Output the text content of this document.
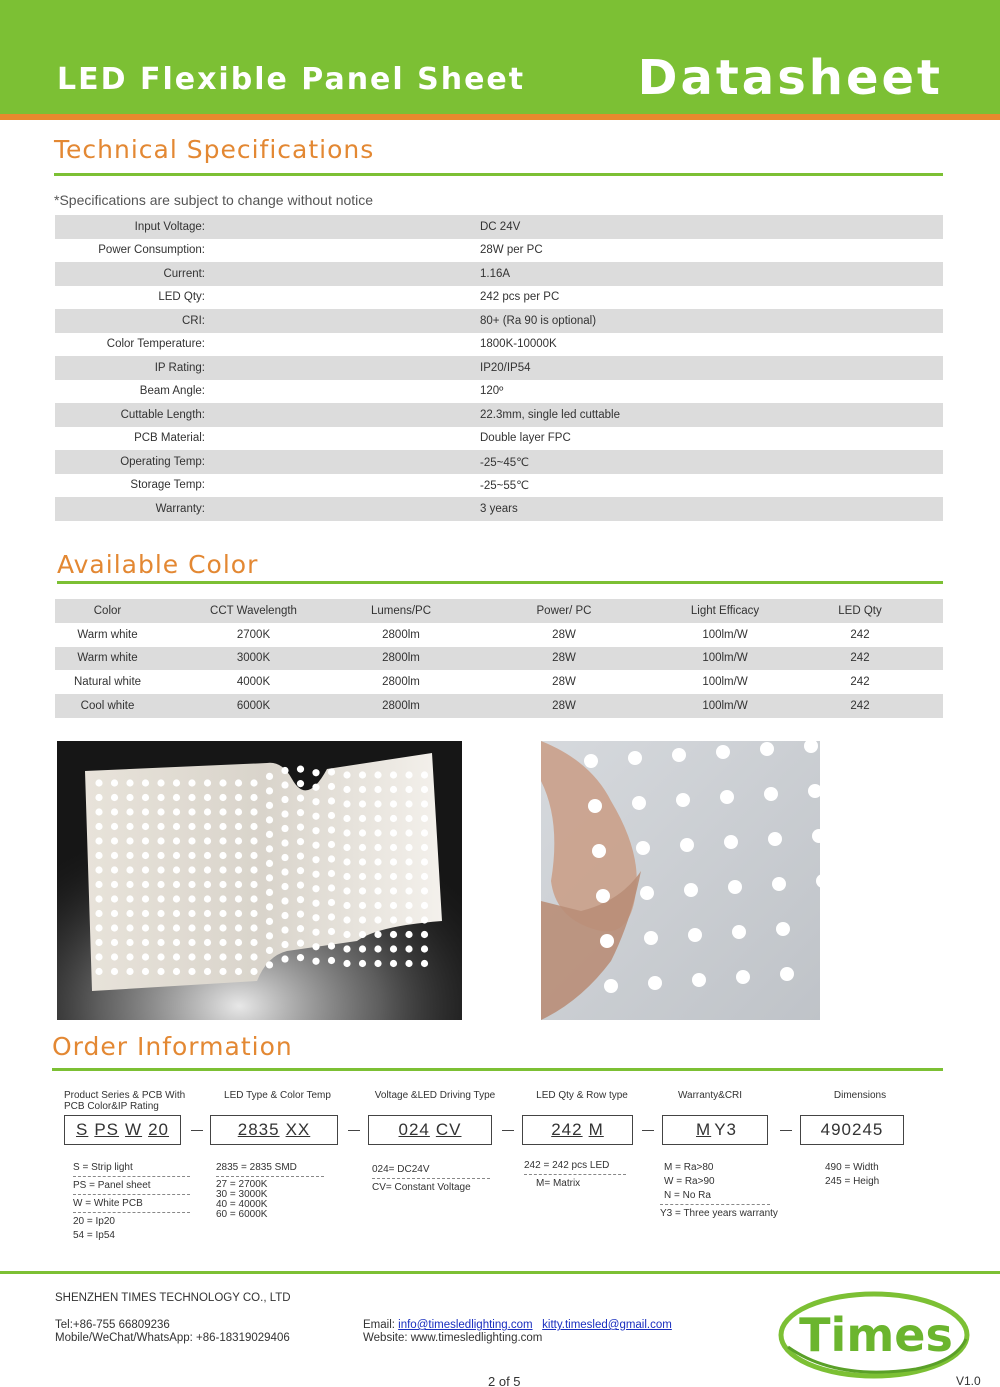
LED Flexible Panel Sheet Datasheet
Technical Specifications
*Specifications are subject to change without notice
Input Voltage:	DC 24V
Power Consumption:	28W per PC
Current:	1.16A
LED Qty:	242 pcs per PC
CRI:	80+ (Ra 90 is optional)
Color Temperature:	1800K-10000K
IP Rating:	IP20/IP54
Beam Angle:	120º
Cuttable Length:	22.3mm, single led cuttable
PCB Material:	Double layer FPC
Operating Temp:	-25~45℃
Storage Temp:	-25~55℃
Warranty:	3 years
Available Color
Color	CCT Wavelength	Lumens/PC	Power/ PC	Light Efficacy	LED Qty
Warm white	2700K	2800lm	28W	100lm/W	242
Warm white	3000K	2800lm	28W	100lm/W	242
Natural white	4000K	2800lm	28W	100lm/W	242
Cool white	6000K	2800lm	28W	100lm/W	242
Order Information
Product Series & PCB With PCB Color&IP Rating
LED Type & Color Temp	Voltage &LED Driving Type	LED Qty & Row type	Warranty&CRI	Dimensions
S PS W 20	2835 XX	024 CV	242 M	M Y3	490245
S = Strip light
PS = Panel sheet
W = White PCB
20 = Ip20
54 = Ip54
2835 = 2835 SMD
27 = 2700K
30 = 3000K
40 = 4000K
60 = 6000K
024= DC24V
CV= Constant Voltage
242 = 242 pcs LED
M= Matrix
M = Ra>80
W = Ra>90
N = No Ra
Y3 = Three years warranty
490 = Width
245 = Heigh
SHENZHEN TIMES TECHNOLOGY CO., LTD
Tel:+86-755 66809236
Mobile/WeChat/WhatsApp: +86-18319029406
Email: info@timesledlighting.com kitty.timesled@gmail.com
Website: www.timesledlighting.com
2 of 5	V1.0
Times
